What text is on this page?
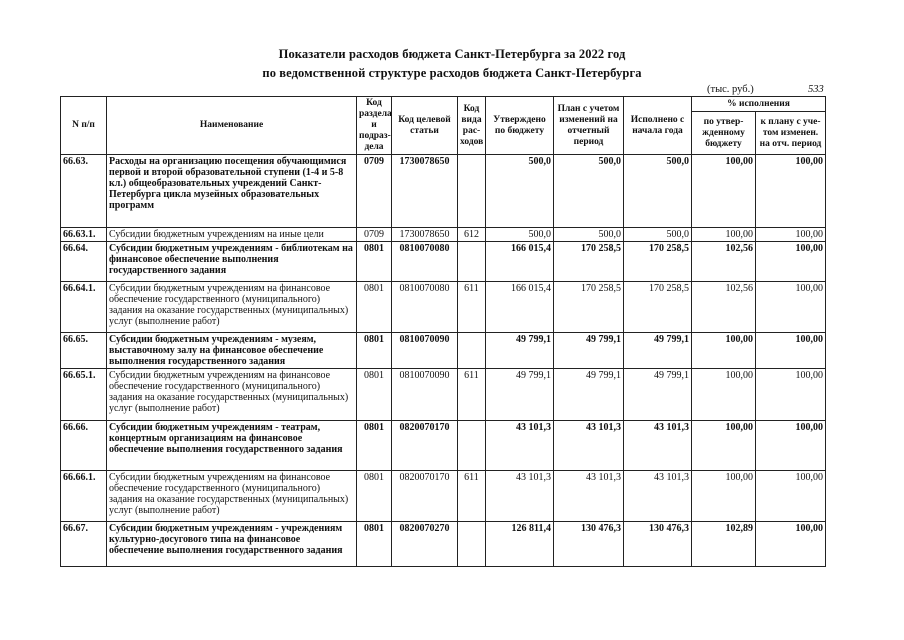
Показатели расходов бюджета Санкт-Петербурга за 2022 год
по ведомственной структуре расходов бюджета Санкт-Петербурга
(тыс. руб.)	533
N п/п	Наименование	Код раздела и подраз-дела	Код целевой статьи	Код вида рас-ходов	Утверждено по бюджету	План с учетом изменений на отчетный период	Исполнено с начала года	% исполнения	
								по утвер-жденному бюджету	к плану с уче-том изменен. на отч. период
66.63.	Расходы на организацию посещения обучающимися первой и второй образовательной ступени (1-4 и 5-8 кл.) общеобразовательных учреждений Санкт-Петербурга цикла музейных образовательных программ	0709	1730078650		500,0	500,0	500,0	100,00	100,00
66.63.1.	Субсидии бюджетным учреждениям на иные цели	0709	1730078650	612	500,0	500,0	500,0	100,00	100,00
66.64.	Субсидии бюджетным учреждениям - библиотекам на финансовое обеспечение выполнения государственного задания	0801	0810070080		166 015,4	170 258,5	170 258,5	102,56	100,00
66.64.1.	Субсидии бюджетным учреждениям на финансовое обеспечение государственного (муниципального) задания на оказание государственных (муниципальных) услуг (выполнение работ)	0801	0810070080	611	166 015,4	170 258,5	170 258,5	102,56	100,00
66.65.	Субсидии бюджетным учреждениям - музеям, выставочному залу на финансовое обеспечение выполнения государственного задания	0801	0810070090		49 799,1	49 799,1	49 799,1	100,00	100,00
66.65.1.	Субсидии бюджетным учреждениям на финансовое обеспечение государственного (муниципального) задания на оказание государственных (муниципальных) услуг (выполнение работ)	0801	0810070090	611	49 799,1	49 799,1	49 799,1	100,00	100,00
66.66.	Субсидии бюджетным учреждениям - театрам, концертным организациям на финансовое обеспечение выполнения государственного задания	0801	0820070170		43 101,3	43 101,3	43 101,3	100,00	100,00
66.66.1.	Субсидии бюджетным учреждениям на финансовое обеспечение государственного (муниципального) задания на оказание государственных (муниципальных) услуг (выполнение работ)	0801	0820070170	611	43 101,3	43 101,3	43 101,3	100,00	100,00
66.67.	Субсидии бюджетным учреждениям - учреждениям культурно-досугового типа на финансовое обеспечение выполнения государственного задания	0801	0820070270		126 811,4	130 476,3	130 476,3	102,89	100,00
